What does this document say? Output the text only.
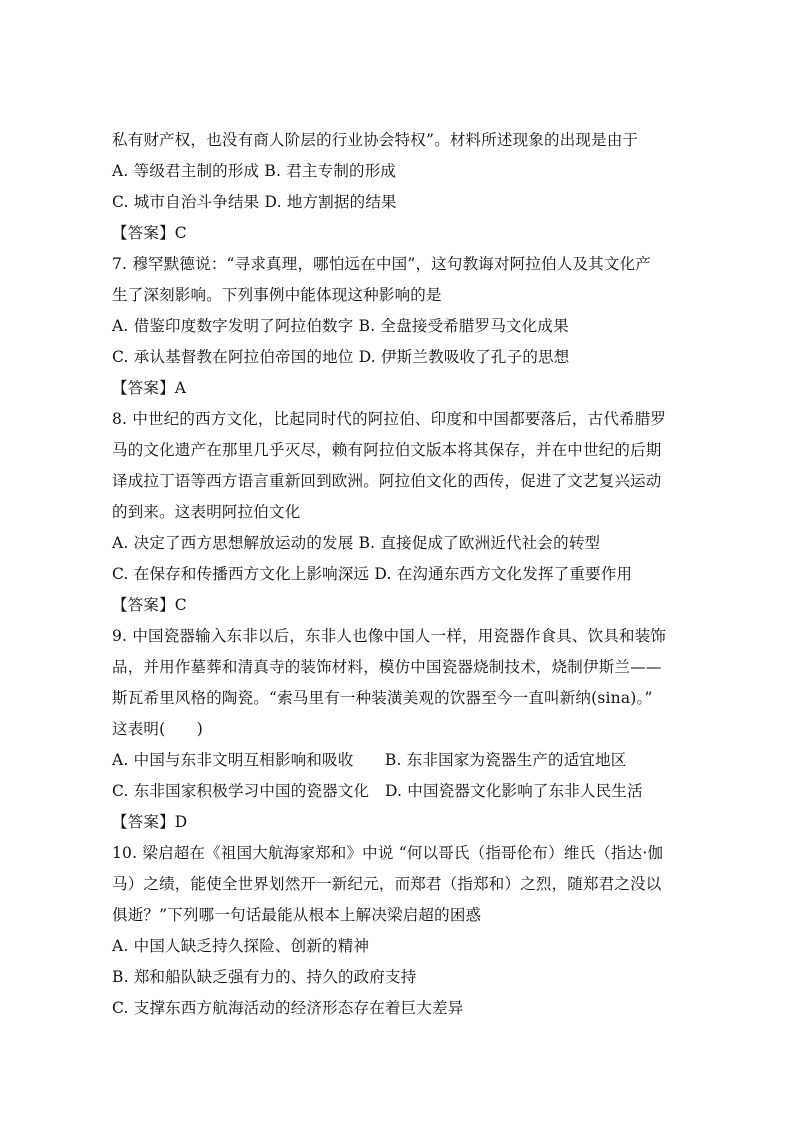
私有财产权，也没有商人阶层的行业协会特权”。材料所述现象的出现是由于
A. 等级君主制的形成 B. 君主专制的形成
C. 城市自治斗争结果 D. 地方割据的结果
【答案】C
7. 穆罕默德说：“寻求真理，哪怕远在中国”，这句教诲对阿拉伯人及其文化产
生了深刻影响。下列事例中能体现这种影响的是
A. 借鉴印度数字发明了阿拉伯数字 B. 全盘接受希腊罗马文化成果
C. 承认基督教在阿拉伯帝国的地位 D. 伊斯兰教吸收了孔子的思想
【答案】A
8. 中世纪的西方文化，比起同时代的阿拉伯、印度和中国都要落后，古代希腊罗
马的文化遗产在那里几乎灭尽，赖有阿拉伯文版本将其保存，并在中世纪的后期
译成拉丁语等西方语言重新回到欧洲。阿拉伯文化的西传，促进了文艺复兴运动
的到来。这表明阿拉伯文化
A. 决定了西方思想解放运动的发展 B. 直接促成了欧洲近代社会的转型
C. 在保存和传播西方文化上影响深远 D. 在沟通东西方文化发挥了重要作用
【答案】C
9. 中国瓷器输入东非以后，东非人也像中国人一样，用瓷器作食具、饮具和装饰
品，并用作墓葬和清真寺的装饰材料，模仿中国瓷器烧制技术，烧制伊斯兰——
斯瓦希里风格的陶瓷。“索马里有一种装潢美观的饮器至今一直叫新纳(sina)。”
这表明(　　)
A. 中国与东非文明互相影响和吸收　　B. 东非国家为瓷器生产的适宜地区
C. 东非国家积极学习中国的瓷器文化　D. 中国瓷器文化影响了东非人民生活
【答案】D
10. 梁启超在《祖国大航海家郑和》中说 “何以哥氏（指哥伦布）维氏（指达·伽
马）之绩，能使全世界划然开一新纪元，而郑君（指郑和）之烈，随郑君之没以
俱逝？”下列哪一句话最能从根本上解决梁启超的困惑
A. 中国人缺乏持久探险、创新的精神
B. 郑和船队缺乏强有力的、持久的政府支持
C. 支撑东西方航海活动的经济形态存在着巨大差异
